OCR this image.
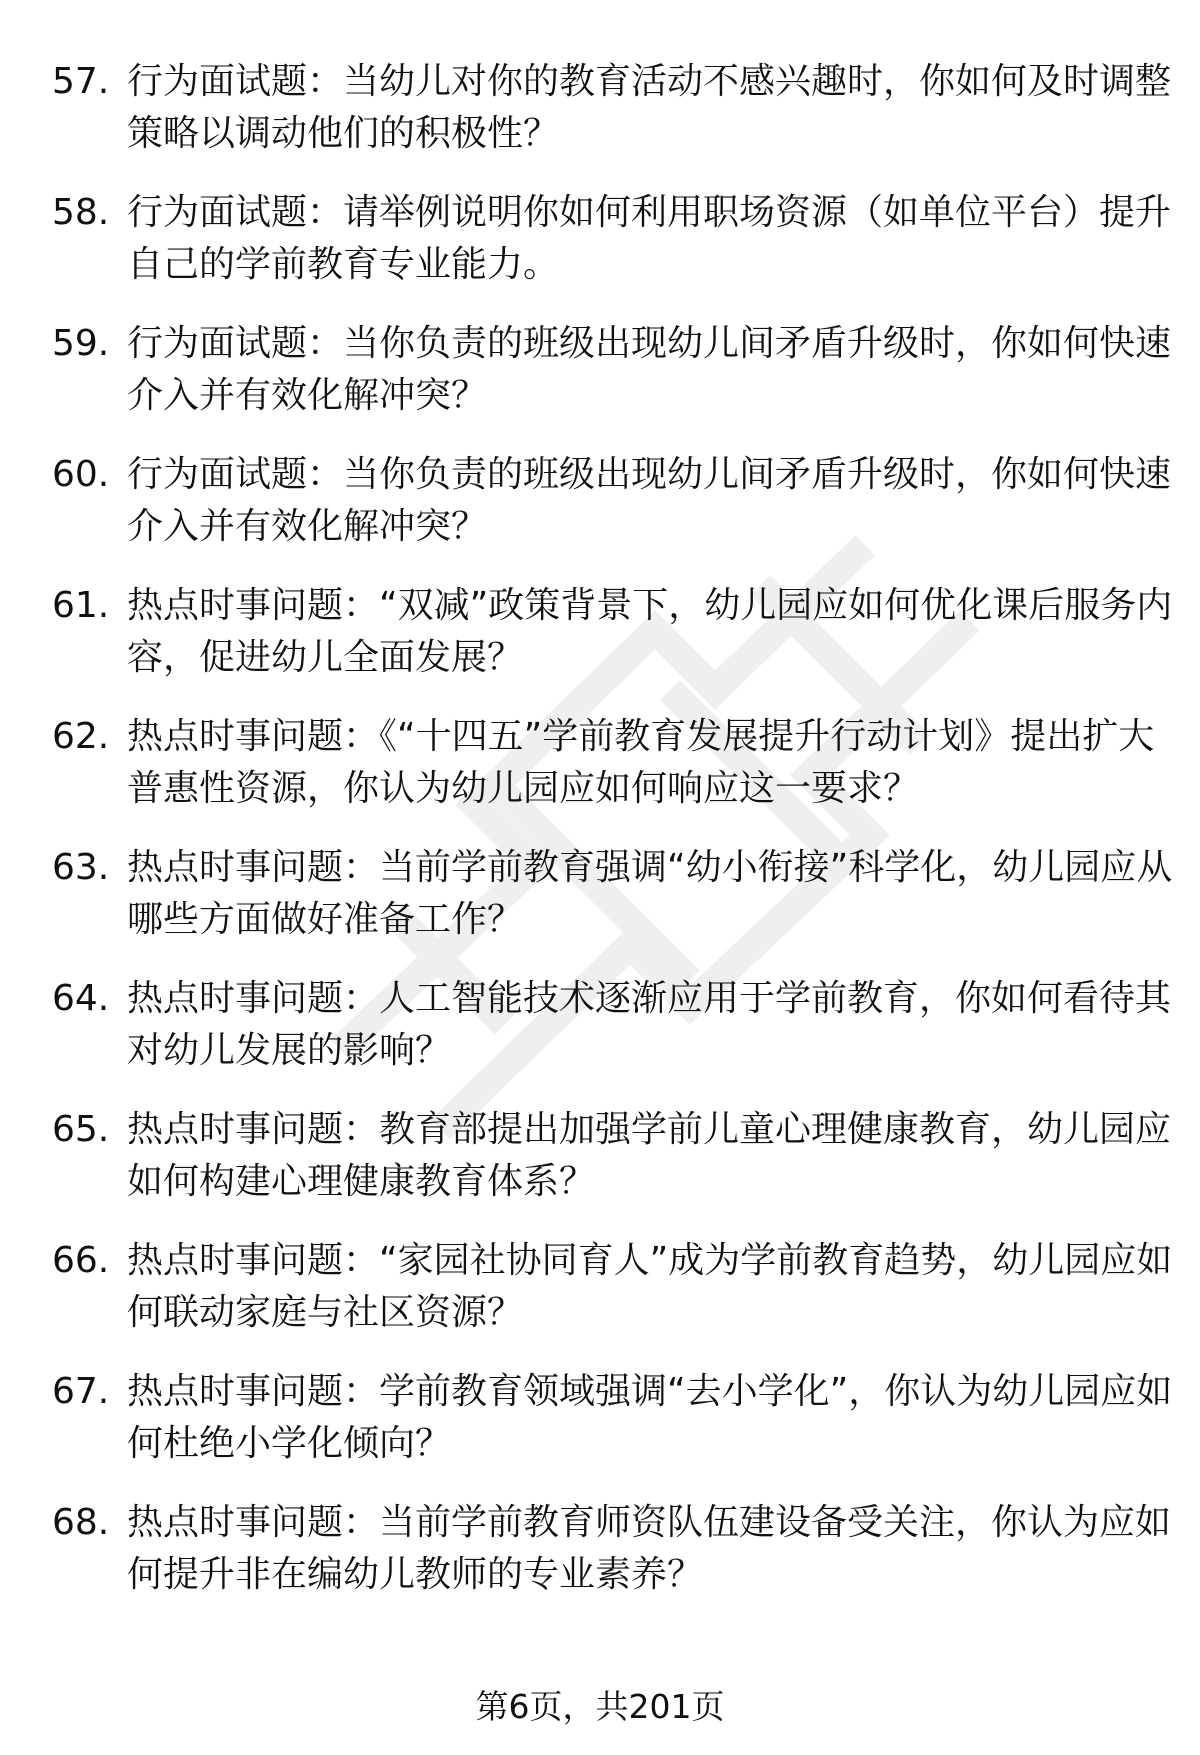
57. 行为面试题：当幼儿对你的教育活动不感兴趣时，你如何及时调整策略以调动他们的积极性？
58. 行为面试题：请举例说明你如何利用职场资源（如单位平台）提升自己的学前教育专业能力。
59. 行为面试题：当你负责的班级出现幼儿间矛盾升级时，你如何快速介入并有效化解冲突？
60. 行为面试题：当你负责的班级出现幼儿间矛盾升级时，你如何快速介入并有效化解冲突？
61. 热点时事问题：“双减”政策背景下，幼儿园应如何优化课后服务内容，促进幼儿全面发展？
62. 热点时事问题：《“十四五”学前教育发展提升行动计划》提出扩大普惠性资源，你认为幼儿园应如何响应这一要求？
63. 热点时事问题：当前学前教育强调“幼小衔接”科学化，幼儿园应从哪些方面做好准备工作？
64. 热点时事问题：人工智能技术逐渐应用于学前教育，你如何看待其对幼儿发展的影响？
65. 热点时事问题：教育部提出加强学前儿童心理健康教育，幼儿园应如何构建心理健康教育体系？
66. 热点时事问题：“家园社协同育人”成为学前教育趋势，幼儿园应如何联动家庭与社区资源？
67. 热点时事问题：学前教育领域强调“去小学化”，你认为幼儿园应如何杜绝小学化倾向？
68. 热点时事问题：当前学前教育师资队伍建设备受关注，你认为应如何提升非在编幼儿教师的专业素养？
第6页，共201页
